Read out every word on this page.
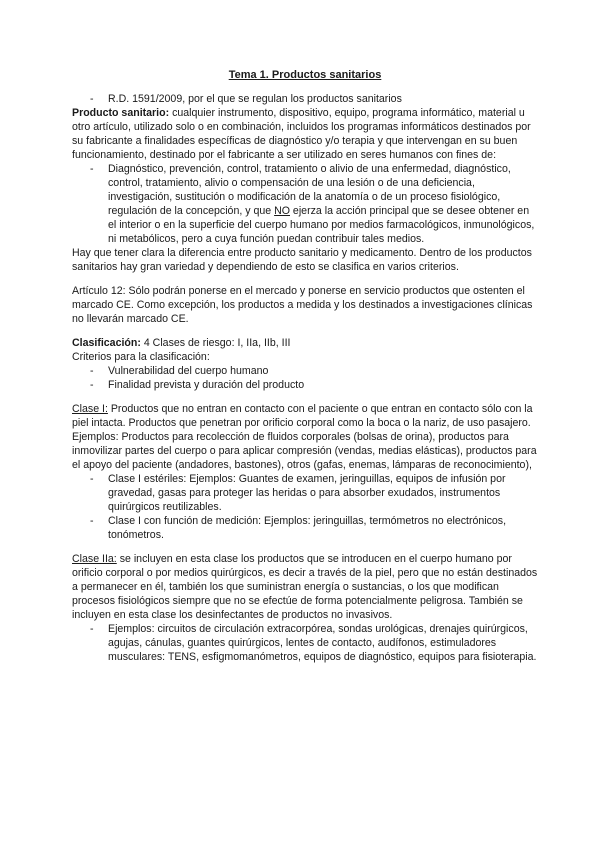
Tema 1. Productos sanitarios

- R.D. 1591/2009, por el que se regulan los productos sanitarios

Producto sanitario: cualquier instrumento, dispositivo, equipo, programa informático, material u otro artículo, utilizado solo o en combinación, incluidos los programas informáticos destinados por su fabricante a finalidades específicas de diagnóstico y/o terapia y que intervengan en su buen funcionamiento, destinado por el fabricante a ser utilizado en seres humanos con fines de:

- Diagnóstico, prevención, control, tratamiento o alivio de una enfermedad, diagnóstico, control, tratamiento, alivio o compensación de una lesión o de una deficiencia, investigación, sustitución o modificación de la anatomía o de un proceso fisiológico, regulación de la concepción, y que NO ejerza la acción principal que se desee obtener en el interior o en la superficie del cuerpo humano por medios farmacológicos, inmunológicos, ni metabólicos, pero a cuya función puedan contribuir tales medios.

Hay que tener clara la diferencia entre producto sanitario y medicamento. Dentro de los productos sanitarios hay gran variedad y dependiendo de esto se clasifica en varios criterios.

Artículo 12: Sólo podrán ponerse en el mercado y ponerse en servicio productos que ostenten el marcado CE. Como excepción, los productos a medida y los destinados a investigaciones clínicas no llevarán marcado CE.

Clasificación: 4 Clases de riesgo: I, IIa, IIb, III

Criterios para la clasificación:

- Vulnerabilidad del cuerpo humano
- Finalidad prevista y duración del producto

Clase I: Productos que no entran en contacto con el paciente o que entran en contacto sólo con la piel intacta. Productos que penetran por orificio corporal como la boca o la nariz, de uso pasajero. Ejemplos: Productos para recolección de fluidos corporales (bolsas de orina), productos para inmovilizar partes del cuerpo o para aplicar compresión (vendas, medias elásticas), productos para el apoyo del paciente (andadores, bastones), otros (gafas, enemas, lámparas de reconocimiento),

- Clase I estériles: Ejemplos: Guantes de examen, jeringuillas, equipos de infusión por gravedad, gasas para proteger las heridas o para absorber exudados, instrumentos quirúrgicos reutilizables.
- Clase I con función de medición: Ejemplos: jeringuillas, termómetros no electrónicos, tonómetros.

Clase IIa: se incluyen en esta clase los productos que se introducen en el cuerpo humano por orificio corporal o por medios quirúrgicos, es decir a través de la piel, pero que no están destinados a permanecer en él, también los que suministran energía o sustancias, o los que modifican procesos fisiológicos siempre que no se efectúe de forma potencialmente peligrosa. También se incluyen en esta clase los desinfectantes de productos no invasivos.

- Ejemplos: circuitos de circulación extracorpórea, sondas urológicas, drenajes quirúrgicos, agujas, cánulas, guantes quirúrgicos, lentes de contacto, audífonos, estimuladores musculares: TENS, esfigmomanómetros, equipos de diagnóstico, equipos para fisioterapia.
